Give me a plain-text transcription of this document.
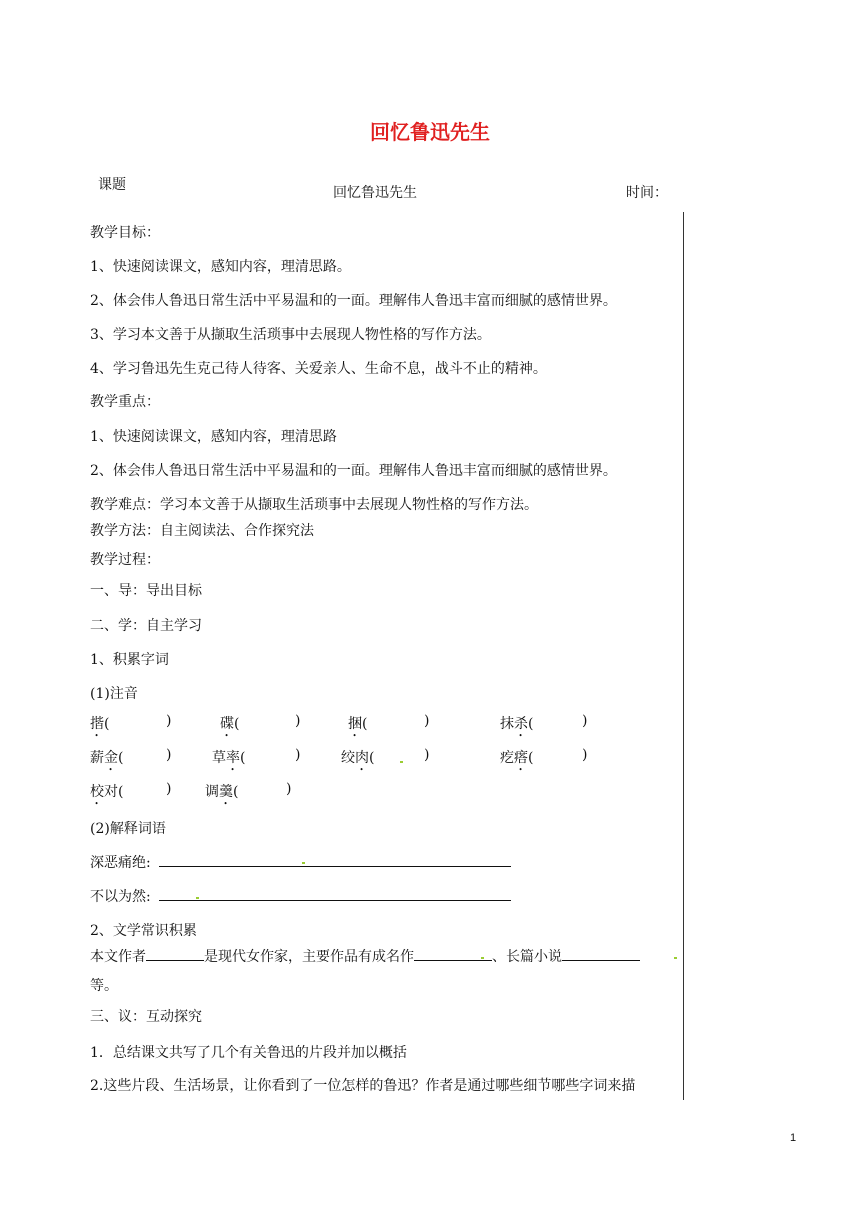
回忆鲁迅先生
课题	回忆鲁迅先生	时间：
教学目标：
1、快速阅读课文，感知内容，理清思路。
2、体会伟人鲁迅日常生活中平易温和的一面。理解伟人鲁迅丰富而细腻的感情世界。
3、学习本文善于从撷取生活琐事中去展现人物性格的写作方法。
4、学习鲁迅先生克己待人待客、关爱亲人、生命不息，战斗不止的精神。
教学重点：
1、快速阅读课文，感知内容，理清思路
2、体会伟人鲁迅日常生活中平易温和的一面。理解伟人鲁迅丰富而细腻的感情世界。
教学难点：学习本文善于从撷取生活琐事中去展现人物性格的写作方法。
教学方法：自主阅读法、合作探究法
教学过程：
一、导：导出目标
二、学：自主学习
1、积累字词
(1)注音
揩(	)	碟(	)	捆(	)	抹杀(	)
薪金(	)	草率(	)	绞肉(	)	疙瘩(	)
校对(	) 调羹(	)
(2)解释词语
深恶痛绝:
不以为然:
2、文学常识积累
本文作者	是现代女作家，主要作品有成名作	、长篇小说
等。
三、议：互动探究
1．总结课文共写了几个有关鲁迅的片段并加以概括
2.这些片段、生活场景，让你看到了一位怎样的鲁迅？作者是通过哪些细节哪些字词来描
1
